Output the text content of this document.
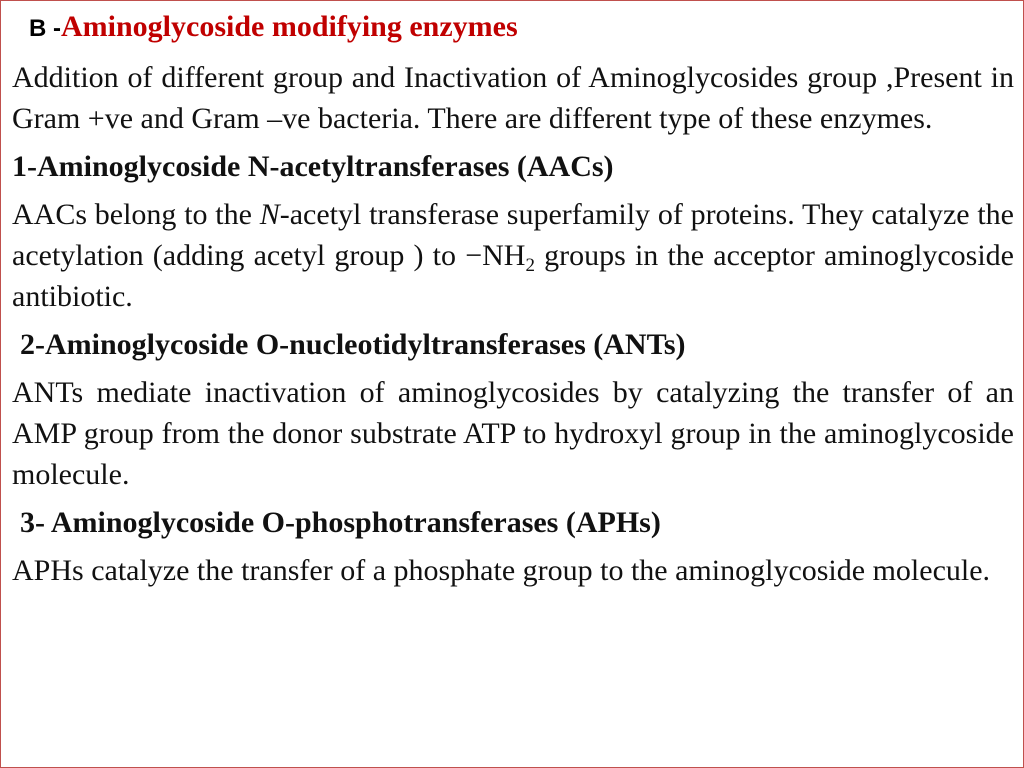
B -Aminoglycoside modifying enzymes

Addition of different group and Inactivation of Aminoglycosides group ,Present in Gram +ve and Gram –ve bacteria. There are different type of these enzymes.

1-Aminoglycoside N-acetyltransferases (AACs)

AACs belong to the N-acetyl transferase superfamily of proteins. They catalyze the acetylation (adding acetyl group ) to $-NH_2$ groups in the acceptor aminoglycoside antibiotic.

2-Aminoglycoside O-nucleotidyltransferases (ANTs)

ANTs mediate inactivation of aminoglycosides by catalyzing the transfer of an AMP group from the donor substrate ATP to hydroxyl group in the aminoglycoside molecule.

3- Aminoglycoside O-phosphotransferases (APHs)

APHs catalyze the transfer of a phosphate group to the aminoglycoside molecule.
